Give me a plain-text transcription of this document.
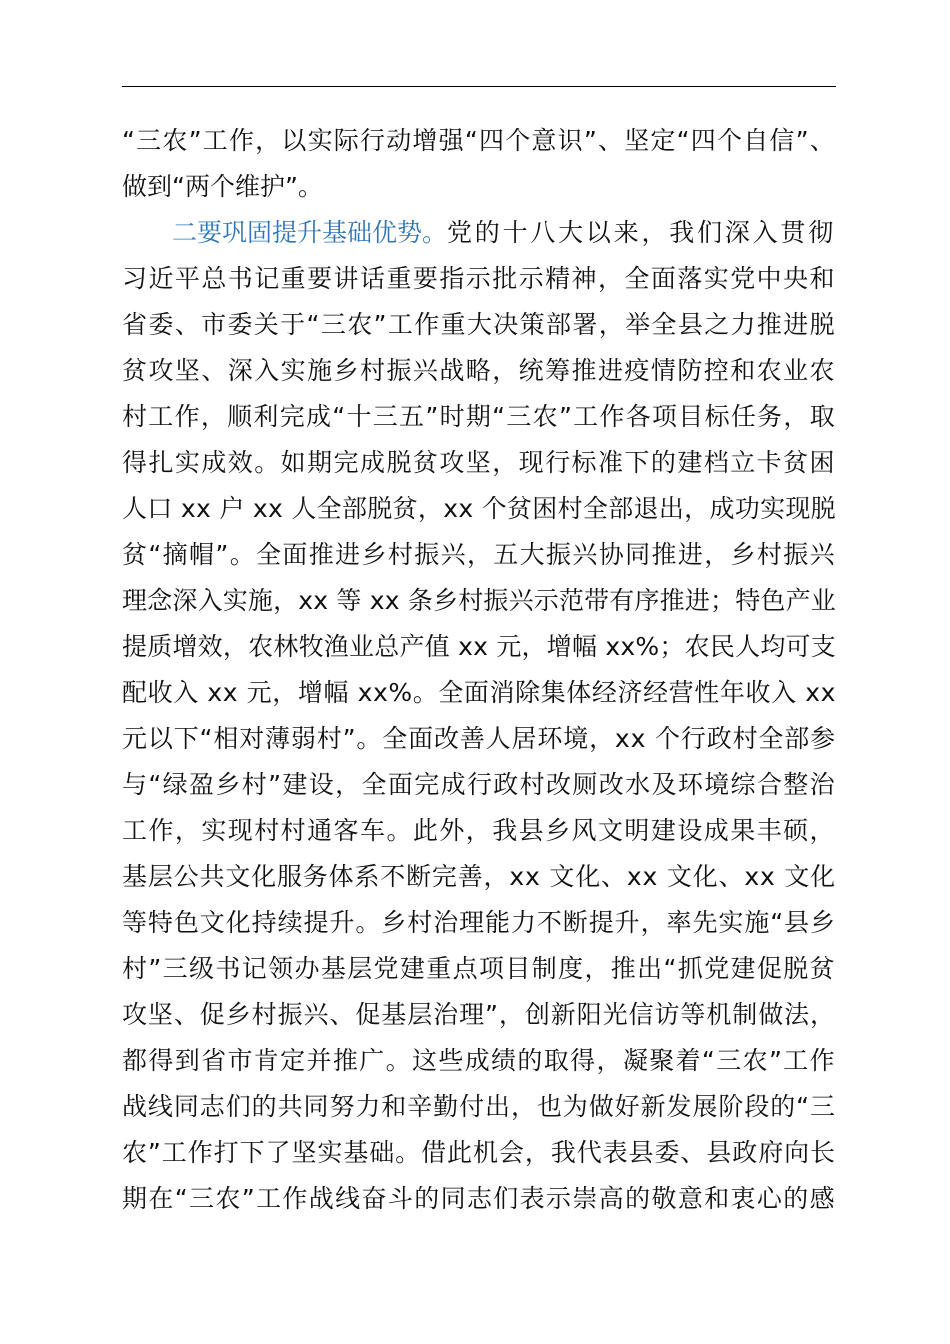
“三农”工作，以实际行动增强“四个意识”、坚定“四个自信”、
做到“两个维护”。
二要巩固提升基础优势。 党的十八大以来，我们深入贯彻
习近平总书记重要讲话重要指示批示精神，全面落实党中央和
省委、市委关于“三农”工作重大决策部署，举全县之力推进脱
贫攻坚、深入实施乡村振兴战略，统筹推进疫情防控和农业农
村工作，顺利完成“十三五”时期“三农”工作各项目标任务，取
得扎实成效。如期完成脱贫攻坚，现行标准下的建档立卡贫困
人口 xx 户 xx 人全部脱贫，xx 个贫困村全部退出，成功实现脱
贫“摘帽”。全面推进乡村振兴，五大振兴协同推进，乡村振兴
理念深入实施，xx 等 xx 条乡村振兴示范带有序推进；特色产业
提质增效，农林牧渔业总产值 xx 元，增幅 xx%；农民人均可支
配收入 xx 元，增幅 xx%。全面消除集体经济经营性年收入 xx
元以下“相对薄弱村”。全面改善人居环境，xx 个行政村全部参
与“绿盈乡村”建设，全面完成行政村改厕改水及环境综合整治
工作，实现村村通客车。此外，我县乡风文明建设成果丰硕，
基层公共文化服务体系不断完善，xx 文化、xx 文化、xx 文化
等特色文化持续提升。乡村治理能力不断提升，率先实施“县乡
村”三级书记领办基层党建重点项目制度，推出“抓党建促脱贫
攻坚、促乡村振兴、促基层治理”，创新阳光信访等机制做法，
都得到省市肯定并推广。这些成绩的取得，凝聚着“三农”工作
战线同志们的共同努力和辛勤付出，也为做好新发展阶段的“三
农”工作打下了坚实基础。借此机会，我代表县委、县政府向长
期在“三农”工作战线奋斗的同志们表示崇高的敬意和衷心的感
